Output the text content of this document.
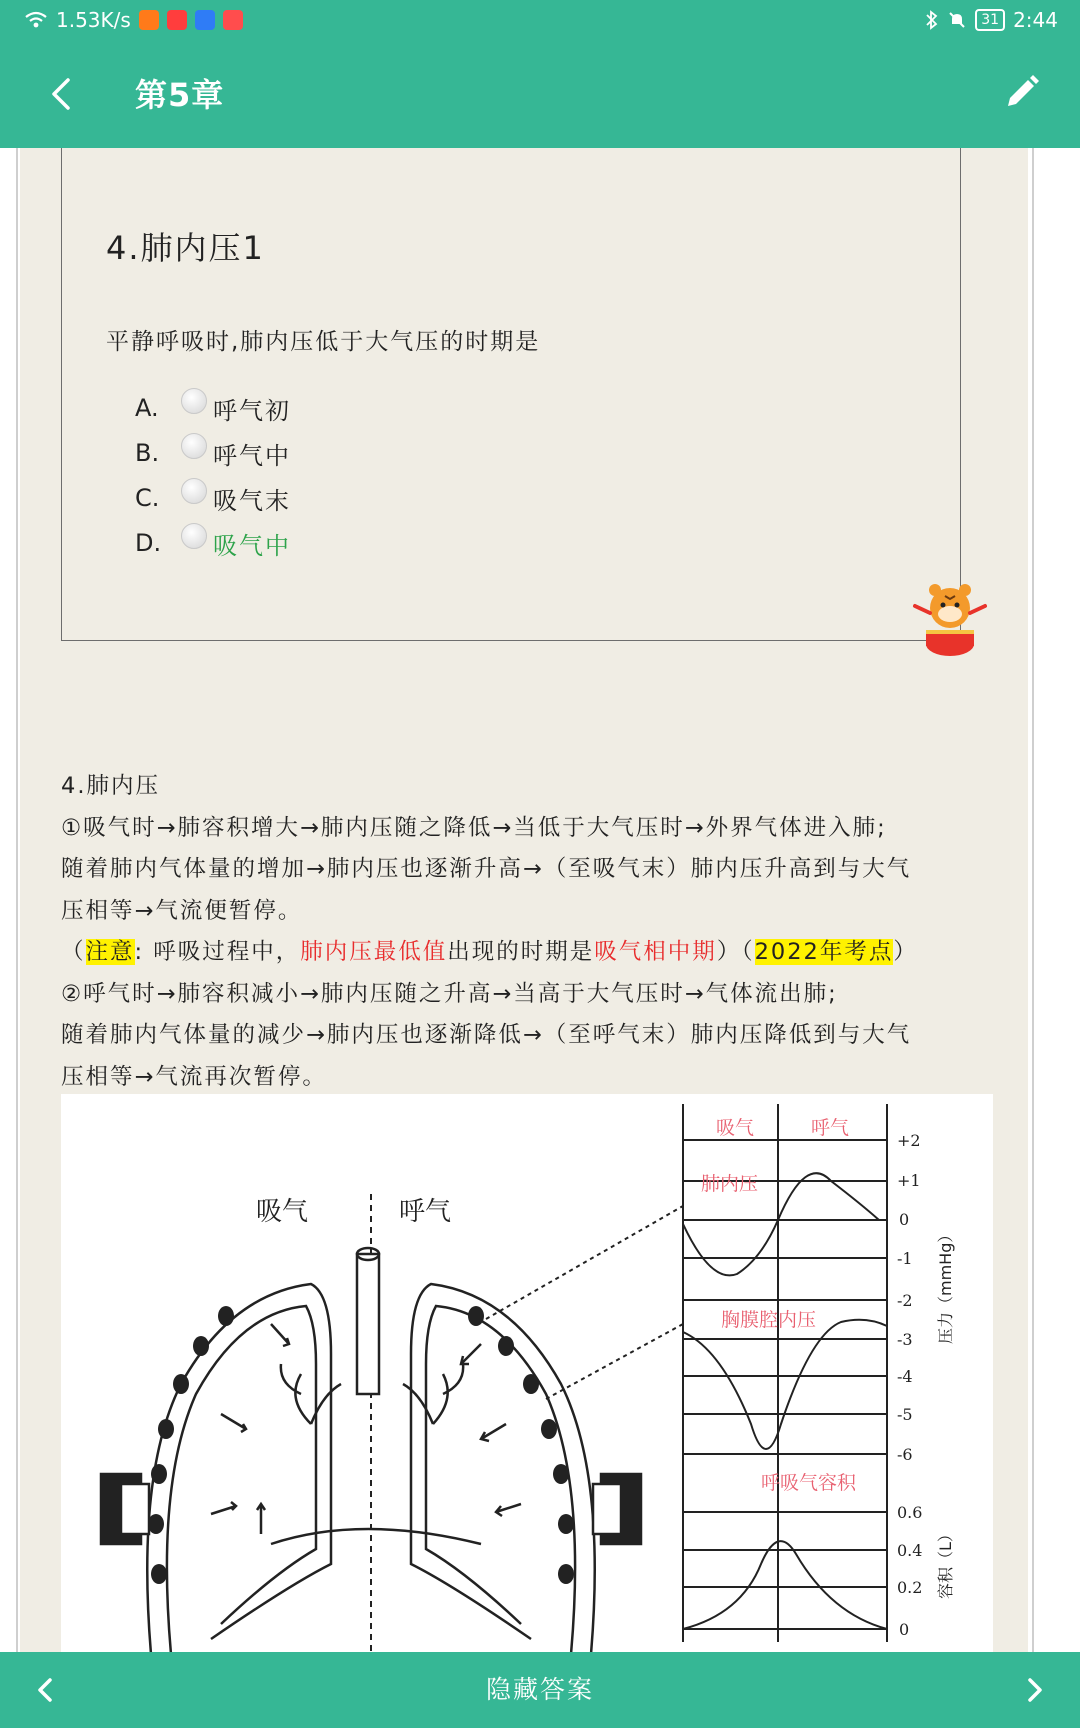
1.53K/s	31 2:44
第5章
4.肺内压1
平静呼吸时,肺内压低于大气压的时期是
A.	呼气初
B.	呼气中
C.	吸气末
D.	吸气中

4.肺内压

①吸气时→肺容积增大→肺内压随之降低→当低于大气压时→外界气体进入肺;

随着肺内气体量的增加→肺内压也逐渐升高→（至吸气末）肺内压升高到与大气

压相等→气流便暂停。

（注意: 呼吸过程中，肺内压最低值出现的时期是吸气相中期）（2022年考点）

②呼气时→肺容积减小→肺内压随之升高→当高于大气压时→气体流出肺;

随着肺内气体量的减少→肺内压也逐渐降低→（至呼气末）肺内压降低到与大气

压相等→气流再次暂停。

吸气	呼气
肺内压
胸膜腔内压
呼吸气容积
+2
+1
0
-1
-2
-3
-4
-5
-6
0.6
0.4
0.2
0
压力（mmHg）
容积（L）
吸气	呼气
隐藏答案
